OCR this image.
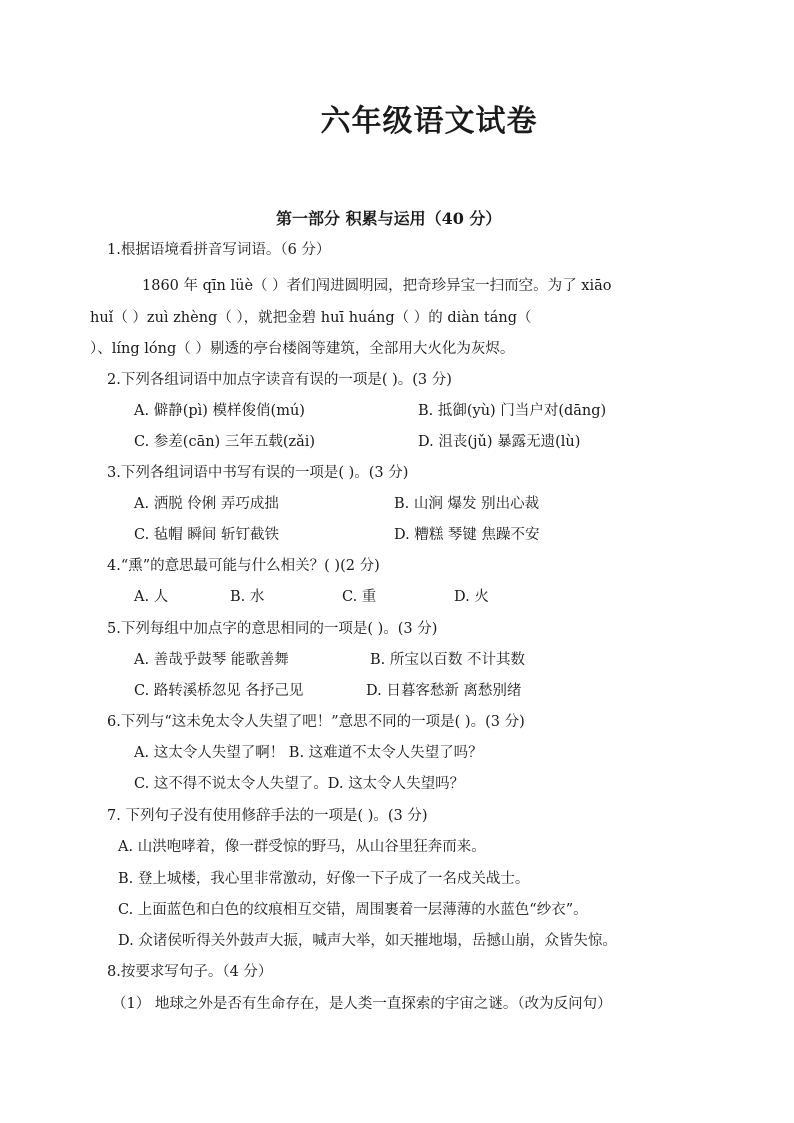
六年级语文试卷
第一部分 积累与运用（40 分）
1.根据语境看拼音写词语。（6 分）
1860 年 qīn lüè（ ）者们闯进圆明园，把奇珍异宝一扫而空。为了 xiāo
huǐ（ ）zuì zhèng（ ），就把金碧 huī huáng（ ）的 diàn táng（
）、líng lóng（ ）剔透的亭台楼阁等建筑，全部用大火化为灰烬。
2.下列各组词语中加点字读音有误的一项是( )。(3 分)
A. 僻静(pì) 模样俊俏(mú)	B. 抵御(yù) 门当户对(dāng)
C. 参差(cān) 三年五载(zǎi)	D. 沮丧(jǔ) 暴露无遗(lù)
3.下列各组词语中书写有误的一项是( )。(3 分)
A. 洒脱 伶俐 弄巧成拙	B. 山涧 爆发 别出心裁
C. 毡帽 瞬间 斩钉截铁	D. 糟糕 琴键 焦躁不安
4.“熏”的意思最可能与什么相关？( )(2 分)
A. 人	B. 水	C. 重	D. 火
5.下列每组中加点字的意思相同的一项是( )。(3 分)
A. 善哉乎鼓琴 能歌善舞	B. 所宝以百数 不计其数
C. 路转溪桥忽见 各抒己见	D. 日暮客愁新 离愁别绪
6.下列与“这未免太令人失望了吧！”意思不同的一项是( )。(3 分)
A. 这太令人失望了啊！ B. 这难道不太令人失望了吗？
C. 这不得不说太令人失望了。D. 这太令人失望吗？
7. 下列句子没有使用修辞手法的一项是( )。(3 分)
A. 山洪咆哮着，像一群受惊的野马，从山谷里狂奔而来。
B. 登上城楼，我心里非常激动，好像一下子成了一名戍关战士。
C. 上面蓝色和白色的纹痕相互交错，周围裹着一层薄薄的水蓝色“纱衣”。
D. 众诸侯听得关外鼓声大振，喊声大举，如天摧地塌，岳撼山崩，众皆失惊。
8.按要求写句子。（4 分）
（1） 地球之外是否有生命存在，是人类一直探索的宇宙之谜。（改为反问句）
